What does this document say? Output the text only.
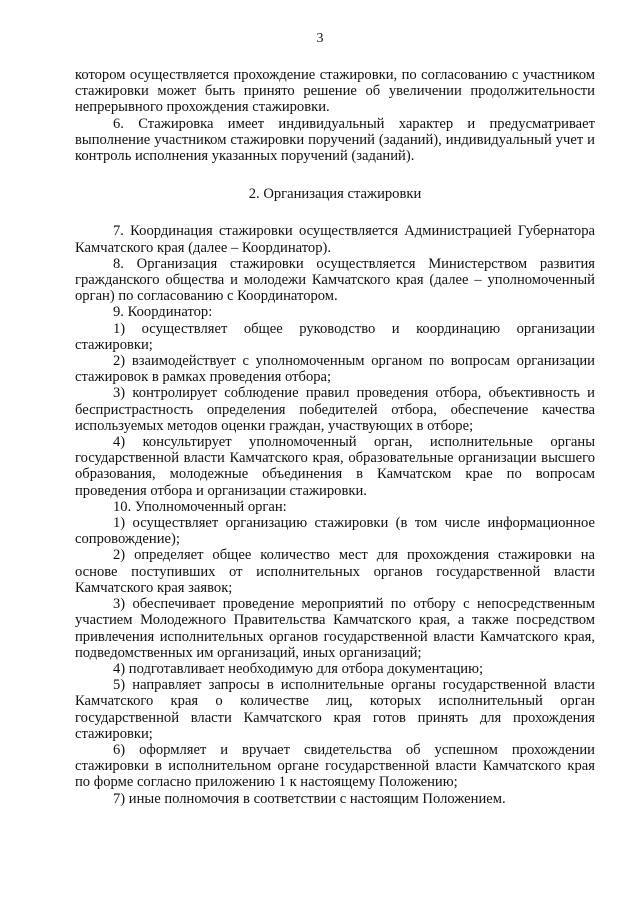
3

котором осуществляется прохождение стажировки, по согласованию с участником стажировки может быть принято решение об увеличении продолжительности непрерывного прохождения стажировки.

6. Стажировка имеет индивидуальный характер и предусматривает выполнение участником стажировки поручений (заданий), индивидуальный учет и контроль исполнения указанных поручений (заданий).

2. Организация стажировки

7. Координация стажировки осуществляется Администрацией Губернатора Камчатского края (далее – Координатор).

8. Организация стажировки осуществляется Министерством развития гражданского общества и молодежи Камчатского края (далее – уполномоченный орган) по согласованию с Координатором.

9. Координатор:

1) осуществляет общее руководство и координацию организации стажировки;

2) взаимодействует с уполномоченным органом по вопросам организации стажировок в рамках проведения отбора;

3) контролирует соблюдение правил проведения отбора, объективность и беспристрастность определения победителей отбора, обеспечение качества используемых методов оценки граждан, участвующих в отборе;

4) консультирует уполномоченный орган, исполнительные органы государственной власти Камчатского края, образовательные организации высшего образования, молодежные объединения в Камчатском крае по вопросам проведения отбора и организации стажировки.

10. Уполномоченный орган:

1) осуществляет организацию стажировки (в том числе информационное сопровождение);

2) определяет общее количество мест для прохождения стажировки на основе поступивших от исполнительных органов государственной власти Камчатского края заявок;

3) обеспечивает проведение мероприятий по отбору с непосредственным участием Молодежного Правительства Камчатского края, а также посредством привлечения исполнительных органов государственной власти Камчатского края, подведомственных им организаций, иных организаций;

4) подготавливает необходимую для отбора документацию;

5) направляет запросы в исполнительные органы государственной власти Камчатского края о количестве лиц, которых исполнительный орган государственной власти Камчатского края готов принять для прохождения стажировки;

6) оформляет и вручает свидетельства об успешном прохождении стажировки в исполнительном органе государственной власти Камчатского края по форме согласно приложению 1 к настоящему Положению;

7) иные полномочия в соответствии с настоящим Положением.
